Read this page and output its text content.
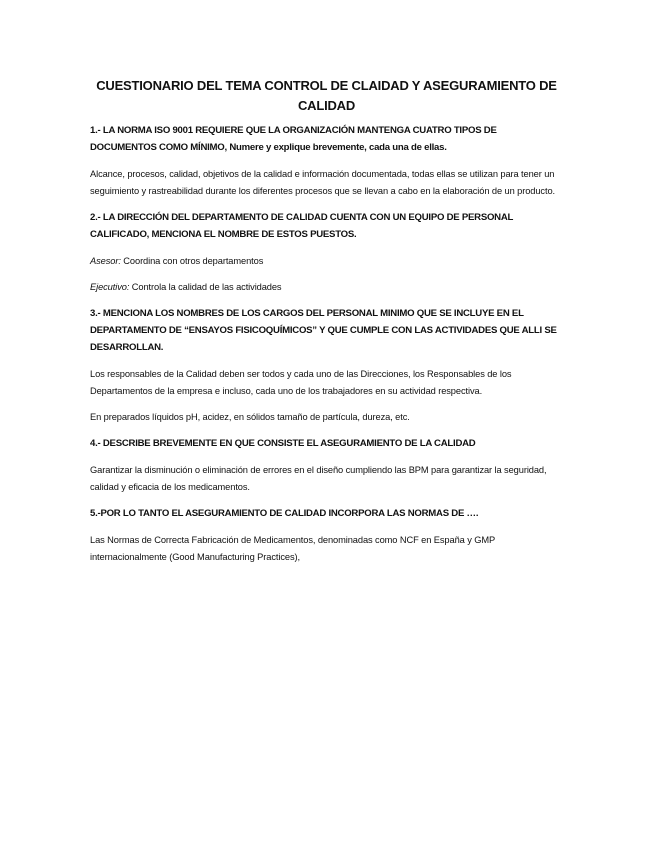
CUESTIONARIO DEL TEMA CONTROL DE CLAIDAD Y ASEGURAMIENTO DE
CALIDAD
1.- LA NORMA ISO 9001 REQUIERE QUE LA ORGANIZACIÓN MANTENGA CUATRO TIPOS DE DOCUMENTOS COMO MÍNIMO, Numere y explique brevemente, cada una de ellas.

Alcance, procesos, calidad, objetivos de la calidad e información documentada, todas ellas se utilizan para tener un seguimiento y rastreabilidad durante los diferentes procesos que se llevan a cabo en la elaboración de un producto.

2.- LA DIRECCIÓN DEL DEPARTAMENTO DE CALIDAD CUENTA CON UN EQUIPO DE PERSONAL CALIFICADO, MENCIONA EL NOMBRE DE ESTOS PUESTOS.

Asesor: Coordina con otros departamentos

Ejecutivo: Controla la calidad de las actividades

3.- MENCIONA LOS NOMBRES DE LOS CARGOS DEL PERSONAL MINIMO QUE SE INCLUYE EN EL DEPARTAMENTO DE “ENSAYOS FISICOQUÍMICOS” Y QUE CUMPLE CON LAS ACTIVIDADES QUE ALLI SE DESARROLLAN.

Los responsables de la Calidad deben ser todos y cada uno de las Direcciones, los Responsables de los Departamentos de la empresa e incluso, cada uno de los trabajadores en su actividad respectiva.

En preparados líquidos pH, acidez, en sólidos tamaño de partícula, dureza, etc.

4.- DESCRIBE BREVEMENTE EN QUE CONSISTE EL ASEGURAMIENTO DE LA CALIDAD

Garantizar la disminución o eliminación de errores en el diseño cumpliendo las BPM para garantizar la seguridad, calidad y eficacia de los medicamentos.

5.-POR LO TANTO EL ASEGURAMIENTO DE CALIDAD INCORPORA LAS NORMAS DE ….

Las Normas de Correcta Fabricación de Medicamentos, denominadas como NCF en España y GMP internacionalmente (Good Manufacturing Practices),
